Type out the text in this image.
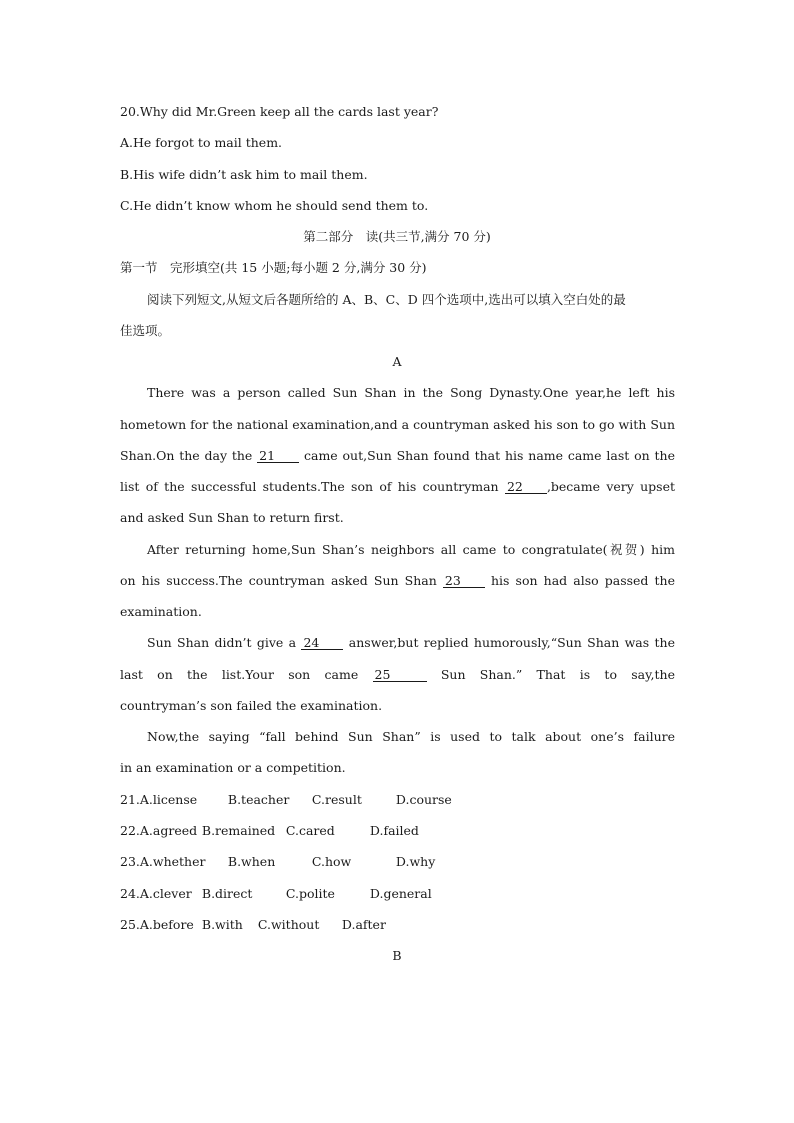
20.Why did Mr.Green keep all the cards last year?
A.He forgot to mail them.
B.His wife didn’t ask him to mail them.
C.He didn’t know whom he should send them to.
第二部分　读(共三节,满分 70 分)
第一节　完形填空(共 15 小题;每小题 2 分,满分 30 分)
阅读下列短文,从短文后各题所给的 A、B、C、D 四个选项中,选出可以填入空白处的最
佳选项。
A
There was a person called Sun Shan in the Song Dynasty.One year,he left his
hometown for the national examination,and a countryman asked his son to go with Sun
Shan.On the day the 21 came out,Sun Shan found that his name came last on the
list of the successful students.The son of his countryman 22 ,became very upset
and asked Sun Shan to return first.
After returning home,Sun Shan’s neighbors all came to congratulate(祝贺) him
on his success.The countryman asked Sun Shan 23 his son had also passed the
examination.
Sun Shan didn’t give a 24 answer,but replied humorously,“Sun Shan was the
last on the list.Your son came 25	Sun Shan.” That is to say,the
countryman’s son failed the examination.
Now,the saying “fall behind Sun Shan” is used to talk about one’s failure
in an examination or a competition.
21.A.license B.teacher C.result	D.course
22.A.agreed B.remained C.cared	D.failed
23.A.whether B.when	C.how	D.why
24.A.clever B.direct	C.polite	D.general
25.A.before B.with C.without D.after
B
